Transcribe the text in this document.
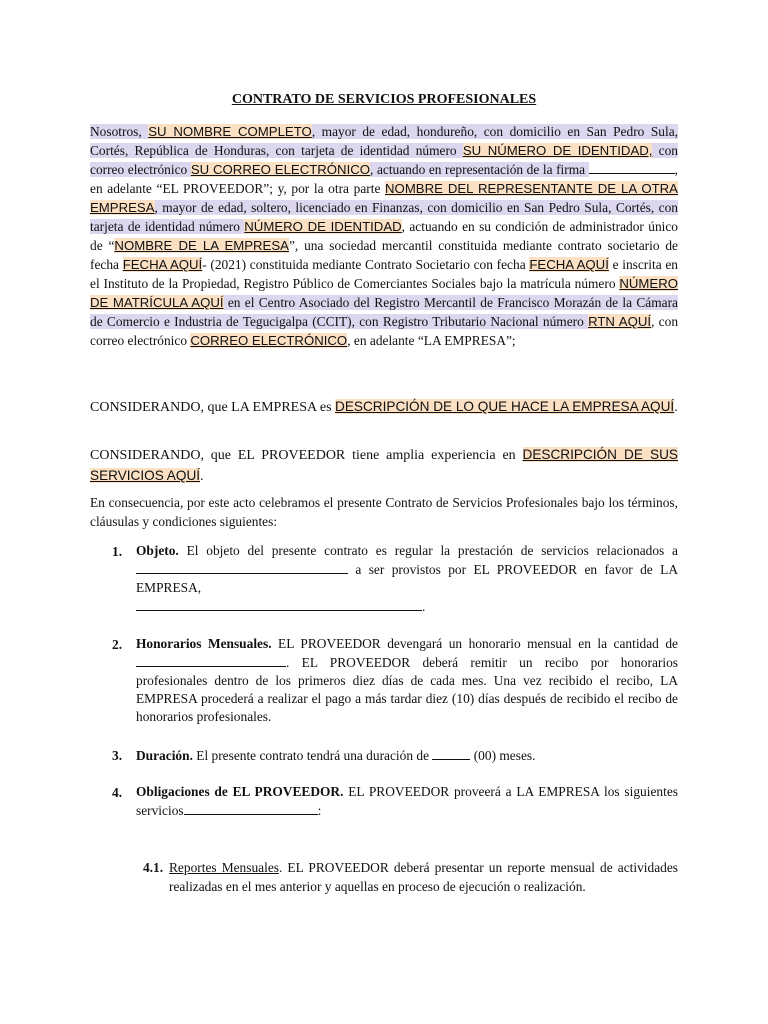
CONTRATO DE SERVICIOS PROFESIONALES
Nosotros, SU NOMBRE COMPLETO, mayor de edad, hondureño, con domicilio en San Pedro Sula, Cortés, República de Honduras, con tarjeta de identidad número SU NÚMERO DE IDENTIDAD, con correo electrónico SU CORREO ELECTRÓNICO, actuando en representación de la firma	, en adelante “EL PROVEEDOR”; y, por la otra parte NOMBRE DEL REPRESENTANTE DE LA OTRA EMPRESA, mayor de edad, soltero, licenciado en Finanzas, con domicilio en San Pedro Sula, Cortés, con tarjeta de identidad número NÚMERO DE IDENTIDAD, actuando en su condición de administrador único de “NOMBRE DE LA EMPRESA”, una sociedad mercantil constituida mediante contrato societario de fecha FECHA AQUÍ- (2021) constituida mediante Contrato Societario con fecha FECHA AQUÍ e inscrita en el Instituto de la Propiedad, Registro Público de Comerciantes Sociales bajo la matrícula número NÚMERO DE MATRÍCULA AQUÍ en el Centro Asociado del Registro Mercantil de Francisco Morazán de la Cámara de Comercio e Industria de Tegucigalpa (CCIT), con Registro Tributario Nacional número RTN AQUÍ, con correo electrónico CORREO ELECTRÓNICO, en adelante “LA EMPRESA”;
CONSIDERANDO, que LA EMPRESA es DESCRIPCIÓN DE LO QUE HACE LA EMPRESA AQUÍ.
CONSIDERANDO, que EL PROVEEDOR tiene amplia experiencia en DESCRIPCIÓN DE SUS SERVICIOS AQUÍ.
En consecuencia, por este acto celebramos el presente Contrato de Servicios Profesionales bajo los términos, cláusulas y condiciones siguientes:
1. Objeto. El objeto del presente contrato es regular la prestación de servicios relacionados a  a ser provistos por EL PROVEEDOR en favor de LA EMPRESA,
.
2. Honorarios Mensuales. EL PROVEEDOR devengará un honorario mensual en la cantidad de . EL PROVEEDOR deberá remitir un recibo por honorarios profesionales dentro de los primeros diez días de cada mes. Una vez recibido el recibo, LA EMPRESA procederá a realizar el pago a más tardar diez (10) días después de recibido el recibo de honorarios profesionales.
3. Duración. El presente contrato tendrá una duración de	(00) meses.
4. Obligaciones de EL PROVEEDOR. EL PROVEEDOR proveerá a LA EMPRESA los siguientes servicios	:
4.1. Reportes Mensuales. EL PROVEEDOR deberá presentar un reporte mensual de actividades realizadas en el mes anterior y aquellas en proceso de ejecución o realización.
